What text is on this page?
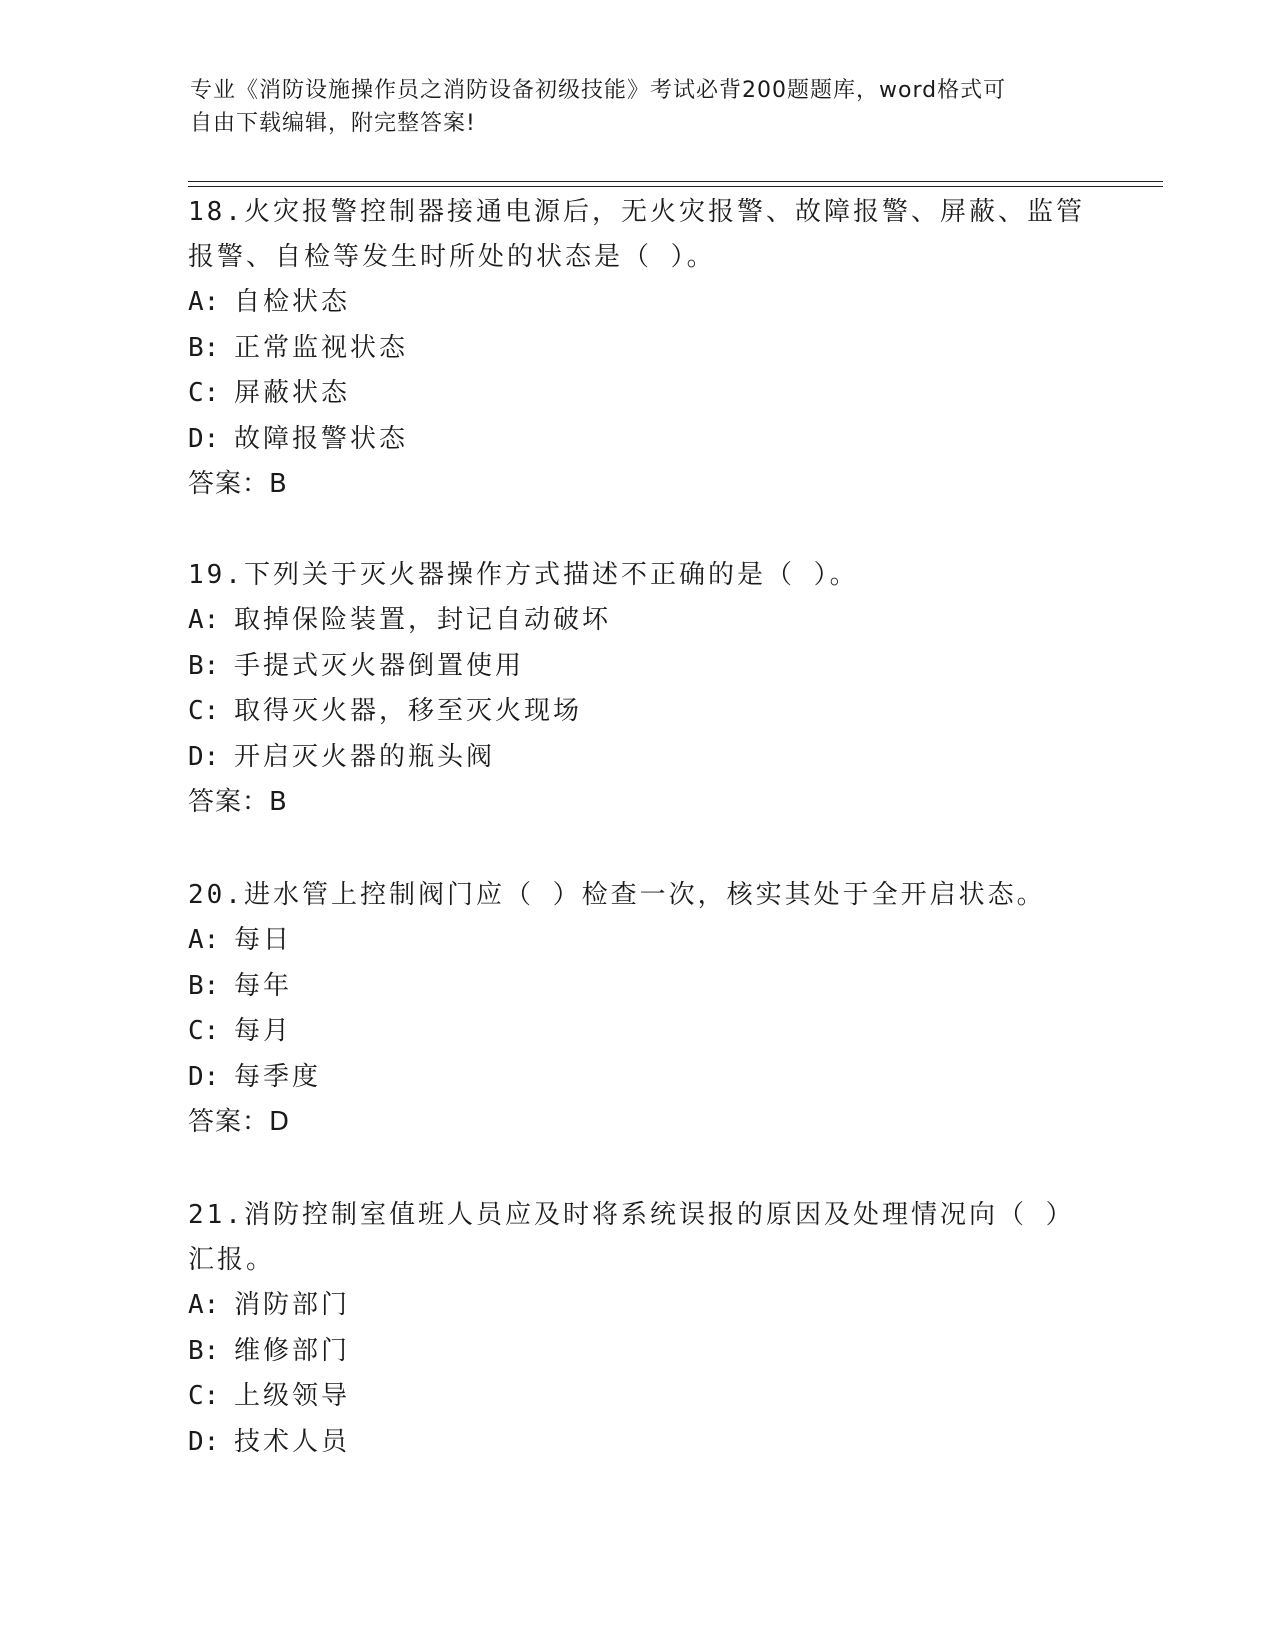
专业《消防设施操作员之消防设备初级技能》考试必背200题题库，word格式可
自由下载编辑，附完整答案!

18.火灾报警控制器接通电源后，无火灾报警、故障报警、屏蔽、监管

报警、自检等发生时所处的状态是（ ）。

A: 自检状态

B: 正常监视状态

C: 屏蔽状态

D: 故障报警状态

答案：B

19.下列关于灭火器操作方式描述不正确的是（ ）。

A: 取掉保险装置，封记自动破坏

B: 手提式灭火器倒置使用

C: 取得灭火器，移至灭火现场

D: 开启灭火器的瓶头阀

答案：B

20.进水管上控制阀门应（ ）检查一次，核实其处于全开启状态。

A: 每日

B: 每年

C: 每月

D: 每季度

答案：D

21.消防控制室值班人员应及时将系统误报的原因及处理情况向（ ）

汇报。

A: 消防部门

B: 维修部门

C: 上级领导

D: 技术人员
